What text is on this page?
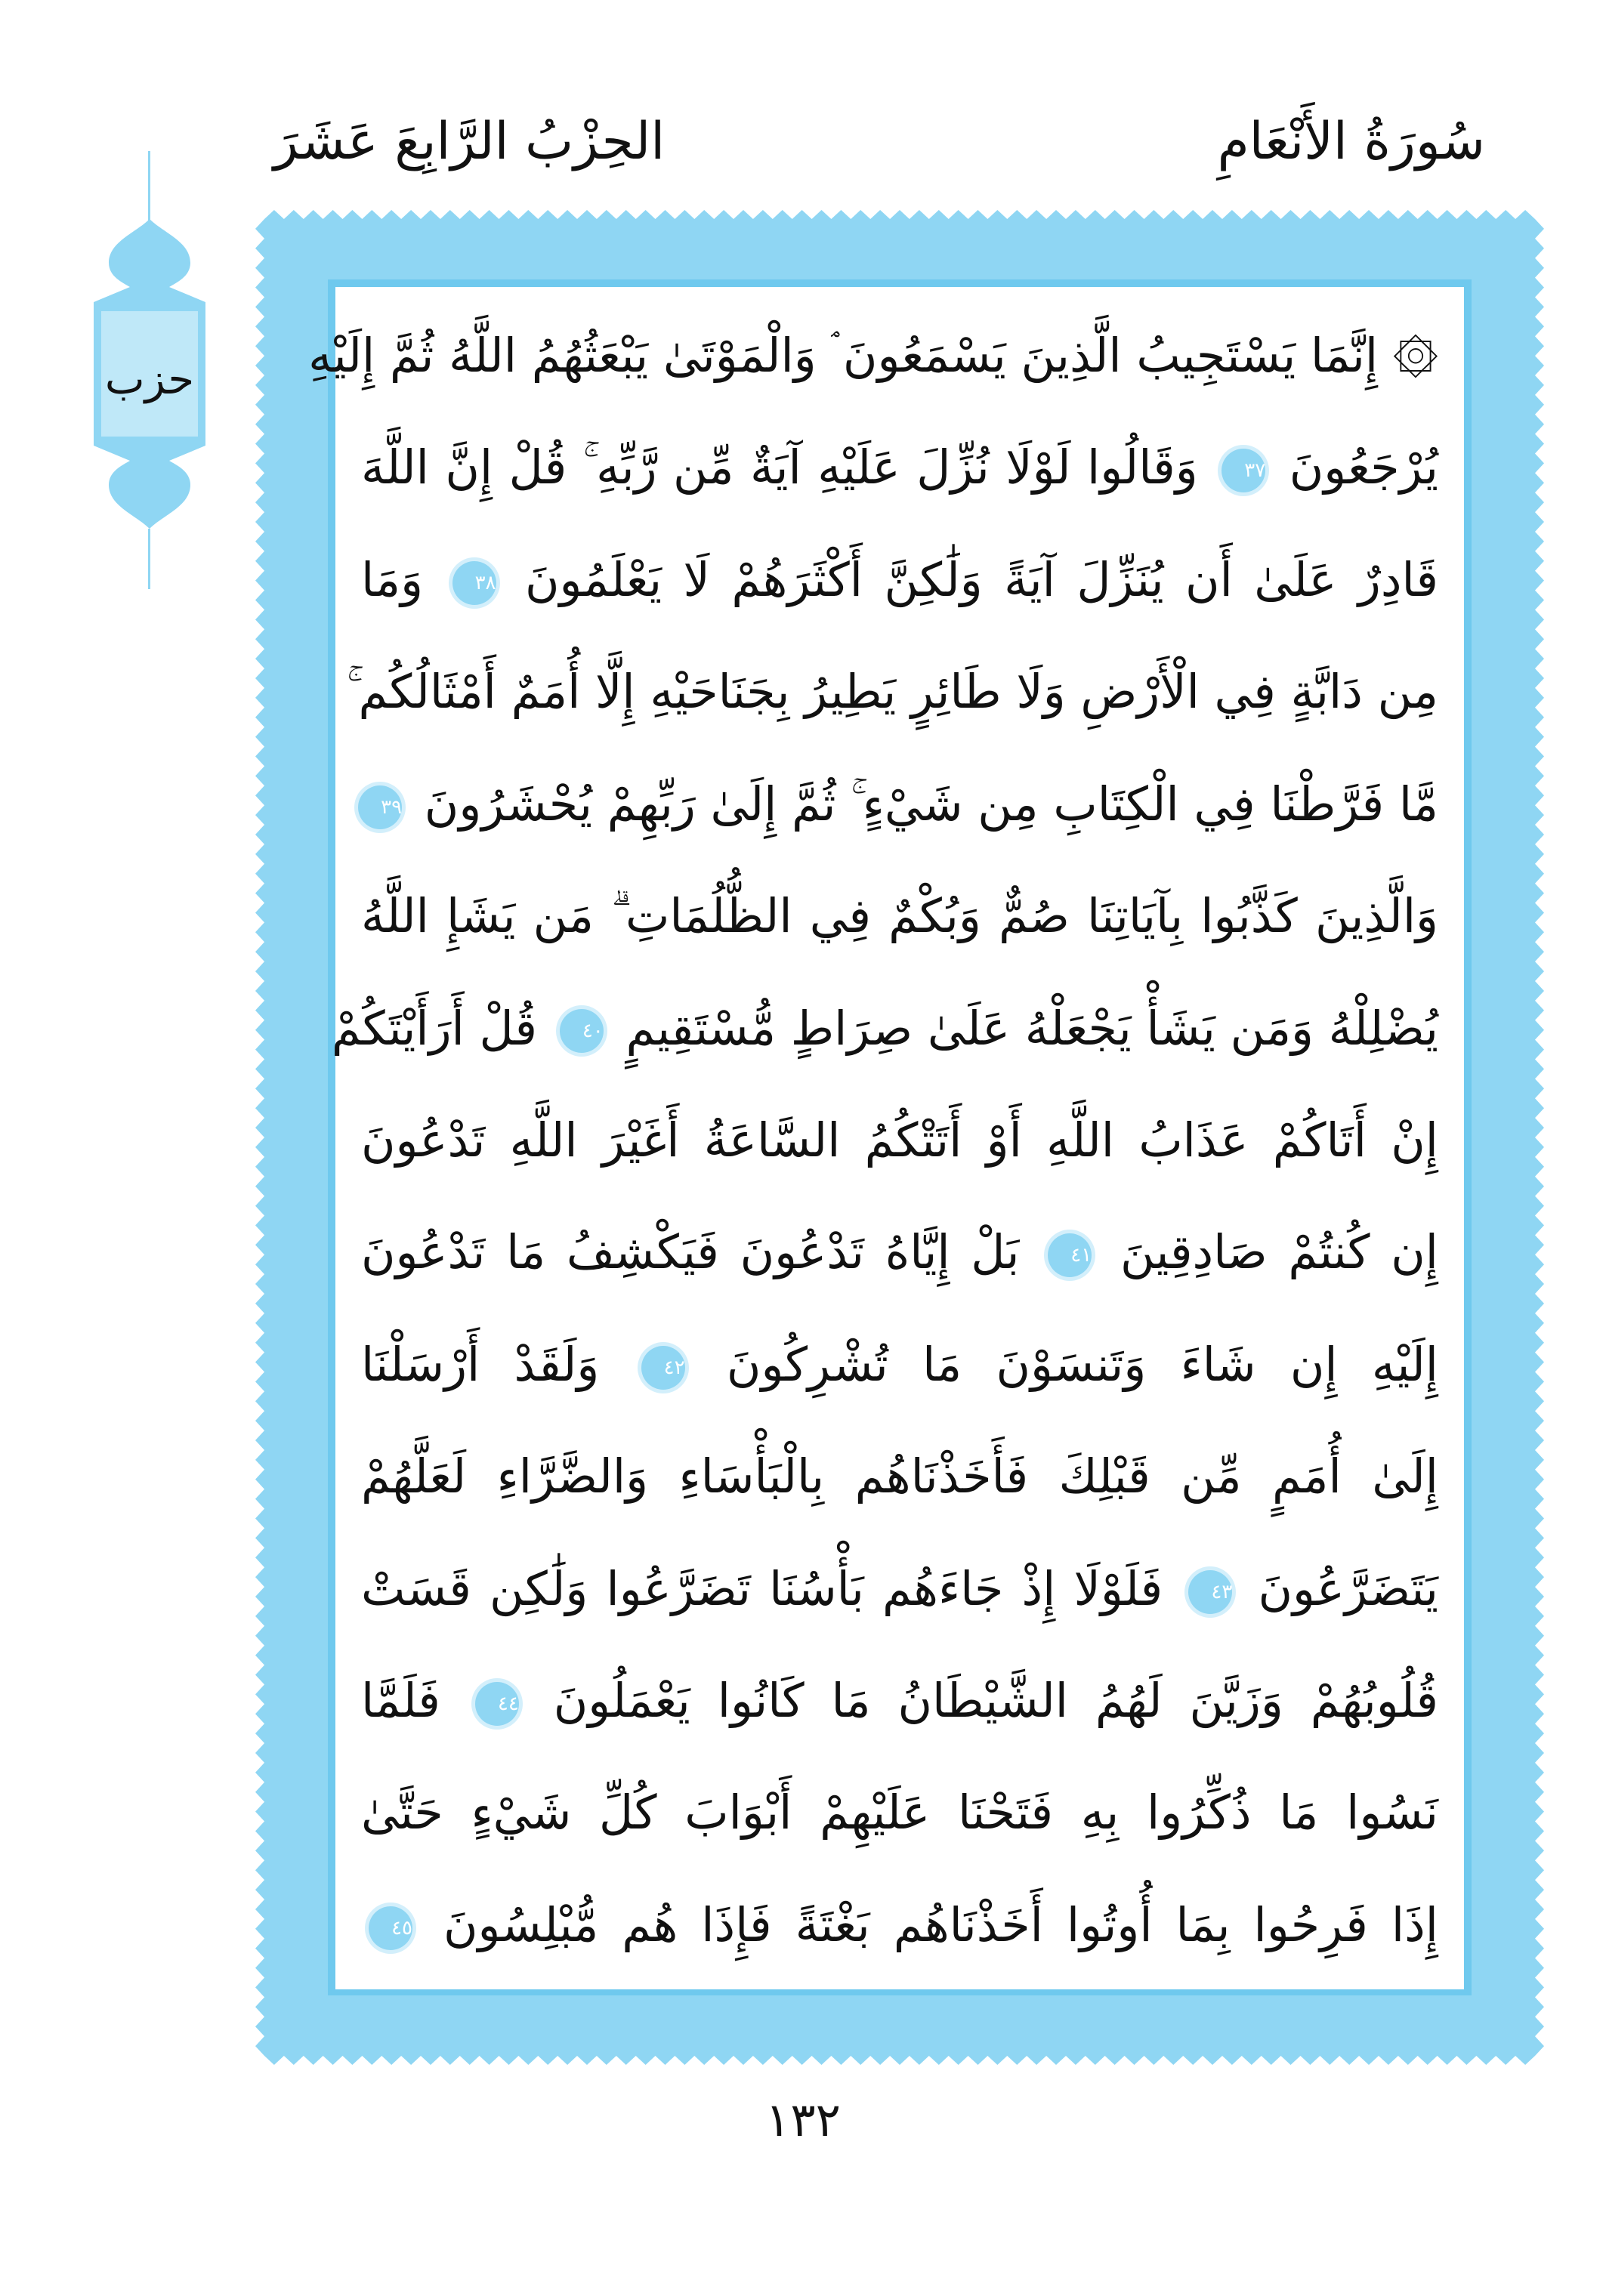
سُورَةُ الأَنْعَامِ
الحِزْبُ الرَّابِعَ عَشَرَ
حزب ۞ إِنَّمَا يَسْتَجِيبُ الَّذِينَ يَسْمَعُونَ ۘ وَالْمَوْتَىٰ يَبْعَثُهُمُ اللَّهُ ثُمَّ إِلَيْهِ
يُرْجَعُونَ ٣٧ وَقَالُوا لَوْلَا نُزِّلَ عَلَيْهِ آيَةٌ مِّن رَّبِّهِ ۚ قُلْ إِنَّ اللَّهَ
قَادِرٌ عَلَىٰ أَن يُنَزِّلَ آيَةً وَلَٰكِنَّ أَكْثَرَهُمْ لَا يَعْلَمُونَ ٣٨ وَمَا
مِن دَابَّةٍ فِي الْأَرْضِ وَلَا طَائِرٍ يَطِيرُ بِجَنَاحَيْهِ إِلَّا أُمَمٌ أَمْثَالُكُم ۚ
مَّا فَرَّطْنَا فِي الْكِتَابِ مِن شَيْءٍ ۚ ثُمَّ إِلَىٰ رَبِّهِمْ يُحْشَرُونَ ٣٩
وَالَّذِينَ كَذَّبُوا بِآيَاتِنَا صُمٌّ وَبُكْمٌ فِي الظُّلُمَاتِ ۗ مَن يَشَإِ اللَّهُ
يُضْلِلْهُ وَمَن يَشَأْ يَجْعَلْهُ عَلَىٰ صِرَاطٍ مُّسْتَقِيمٍ ٤٠ قُلْ أَرَأَيْتَكُمْ
إِنْ أَتَاكُمْ عَذَابُ اللَّهِ أَوْ أَتَتْكُمُ السَّاعَةُ أَغَيْرَ اللَّهِ تَدْعُونَ
إِن كُنتُمْ صَادِقِينَ ٤١ بَلْ إِيَّاهُ تَدْعُونَ فَيَكْشِفُ مَا تَدْعُونَ
إِلَيْهِ إِن شَاءَ وَتَنسَوْنَ مَا تُشْرِكُونَ ٤٢ وَلَقَدْ أَرْسَلْنَا
إِلَىٰ أُمَمٍ مِّن قَبْلِكَ فَأَخَذْنَاهُم بِالْبَأْسَاءِ وَالضَّرَّاءِ لَعَلَّهُمْ
يَتَضَرَّعُونَ ٤٣ فَلَوْلَا إِذْ جَاءَهُم بَأْسُنَا تَضَرَّعُوا وَلَٰكِن قَسَتْ
قُلُوبُهُمْ وَزَيَّنَ لَهُمُ الشَّيْطَانُ مَا كَانُوا يَعْمَلُونَ ٤٤ فَلَمَّا
نَسُوا مَا ذُكِّرُوا بِهِ فَتَحْنَا عَلَيْهِمْ أَبْوَابَ كُلِّ شَيْءٍ حَتَّىٰ
إِذَا فَرِحُوا بِمَا أُوتُوا أَخَذْنَاهُم بَغْتَةً فَإِذَا هُم مُّبْلِسُونَ ٤٥
١٣٢
